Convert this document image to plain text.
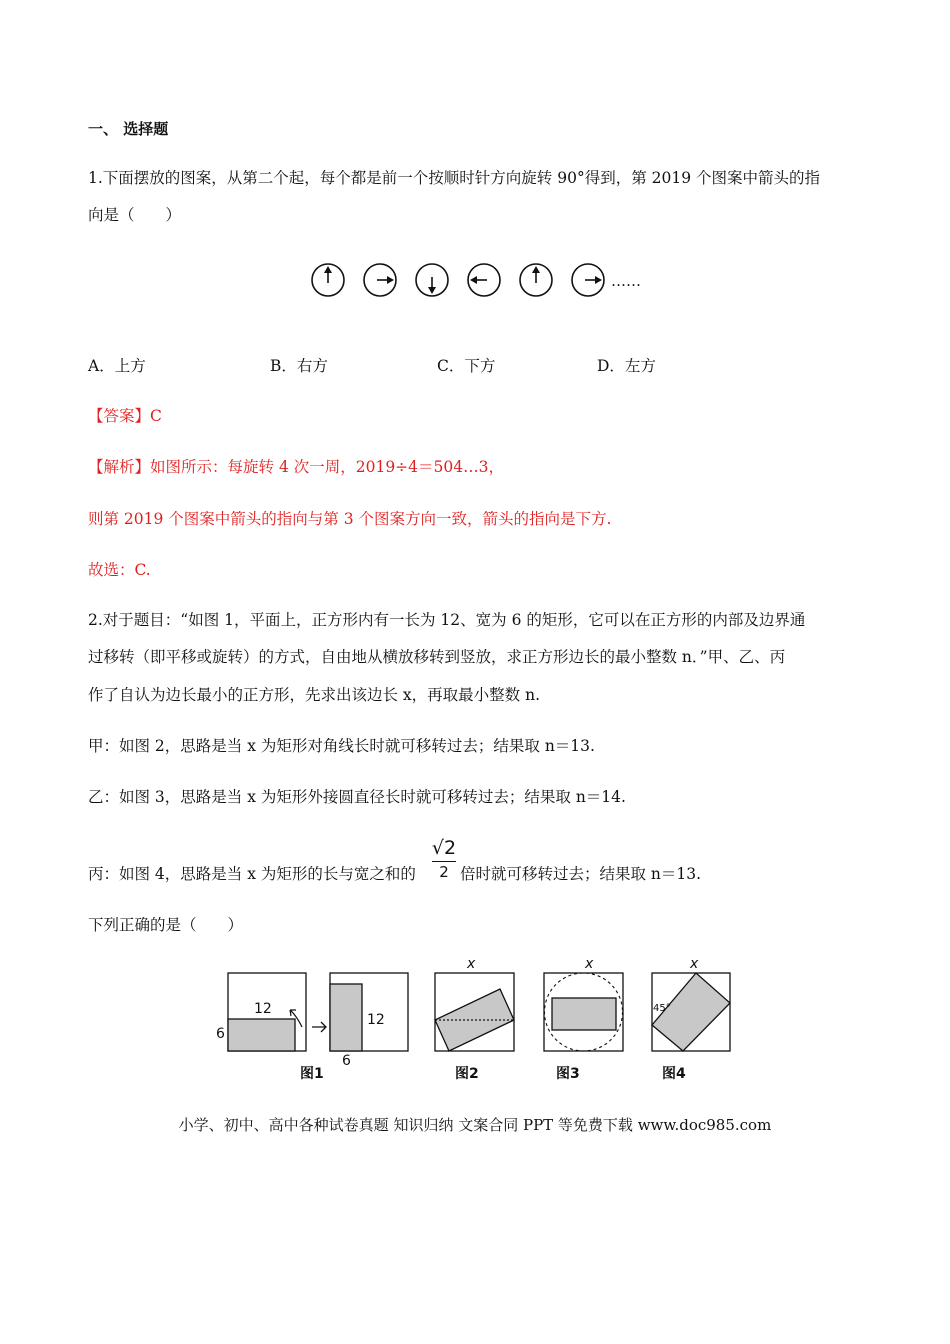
一、 选择题
1.下面摆放的图案，从第二个起，每个都是前一个按顺时针方向旋转 90°得到，第 2019 个图案中箭头的指
向是（　　）
……
A．上方	B．右方	C．下方	D．左方
【答案】C
【解析】如图所示：每旋转 4 次一周，2019÷4＝504…3，
则第 2019 个图案中箭头的指向与第 3 个图案方向一致，箭头的指向是下方.
故选：C.
2.对于题目：“如图 1，平面上，正方形内有一长为 12、宽为 6 的矩形，它可以在正方形的内部及边界通
过移转（即平移或旋转）的方式，自由地从横放移转到竖放，求正方形边长的最小整数 n．”甲、乙、丙
作了自认为边长最小的正方形，先求出该边长 x，再取最小整数 n.
甲：如图 2，思路是当 x 为矩形对角线长时就可移转过去；结果取 n＝13.
乙：如图 3，思路是当 x 为矩形外接圆直径长时就可移转过去；结果取 n＝14.
丙：如图 4，思路是当 x 为矩形的长与宽之和的
√2
2 倍时就可移转过去；结果取 n＝13.
下列正确的是（　　）
12
6
12
6
图1
x
图2
x
图3
45°
x
图4
小学、初中、高中各种试卷真题 知识归纳 文案合同 PPT 等免费下载 www.doc985.com
